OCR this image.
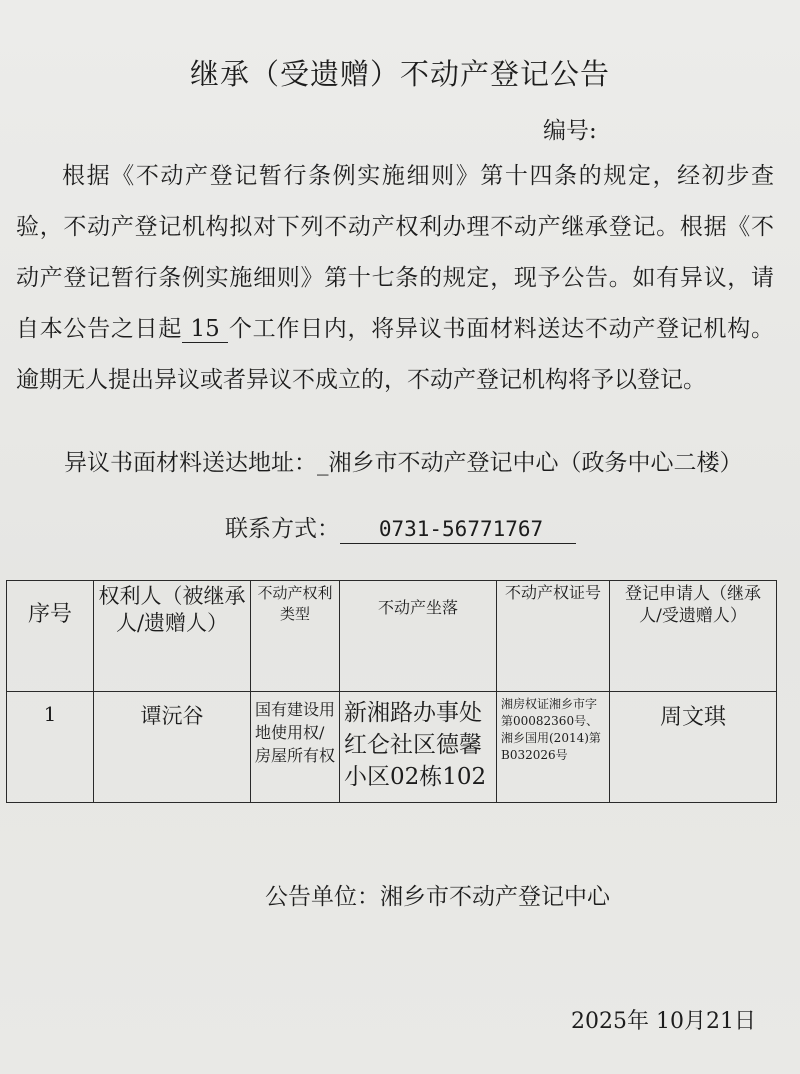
继承（受遗赠）不动产登记公告
编号:

根据《不动产登记暂行条例实施细则》第十四条的规定，经初步查验，不动产登记机构拟对下列不动产权利办理不动产继承登记。根据《不动产登记暂行条例实施细则》第十七条的规定，现予公告。如有异议，请自本公告之日起 15 个工作日内，将异议书面材料送达不动产登记机构。逾期无人提出异议或者异议不成立的，不动产登记机构将予以登记。

异议书面材料送达地址：_湘乡市不动产登记中心（政务中心二楼）
联系方式： 0731-56771767
序号	权利人（被继承人/遗赠人）	不动产权利类型	不动产坐落	不动产权证号	登记申请人（继承人/受遗赠人）
1	谭沅谷	国有建设用地使用权/房屋所有权	新湘路办事处红仑社区德馨小区02栋102	湘房权证湘乡市字第00082360号、湘乡国用(2014)第B032026号	周文琪
公告单位：湘乡市不动产登记中心
2025年 10月21日
